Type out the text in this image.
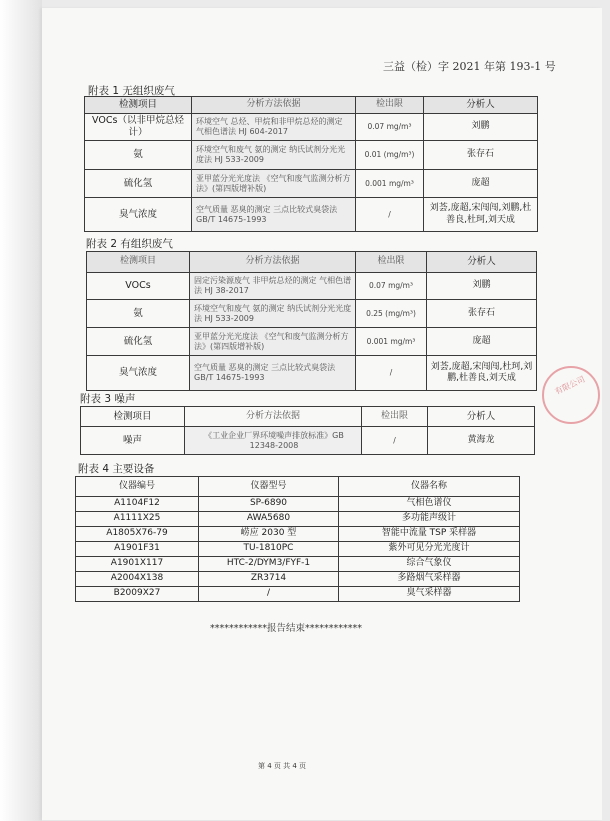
三益（检）字 2021 年第 193-1 号
附表 1 无组织废气
检测项目	分析方法依据	检出限	分析人
VOCs（以非甲烷总烃计）	环境空气 总烃、甲烷和非甲烷总烃的测定 气相色谱法 HJ 604-2017	0.07 mg/m³	刘鹏
氨	环境空气和废气 氨的测定 纳氏试剂分光光度法 HJ 533-2009	0.01 (mg/m³)	张存石
硫化氢	亚甲蓝分光光度法 《空气和废气监测分析方法》(第四版增补版)	0.001 mg/m³	庞超
臭气浓度	空气质量 恶臭的测定 三点比较式臭袋法 GB/T 14675-1993	/	刘荟,庞超,宋闯闯,刘鹏,杜善良,杜珂,刘天成
附表 2 有组织废气
检测项目	分析方法依据	检出限	分析人
VOCs	固定污染源废气 非甲烷总烃的测定 气相色谱法 HJ 38-2017	0.07 mg/m³	刘鹏
氨	环境空气和废气 氨的测定 纳氏试剂分光光度法 HJ 533-2009	0.25 (mg/m³)	张存石
硫化氢	亚甲蓝分光光度法 《空气和废气监测分析方法》(第四版增补版)	0.001 mg/m³	庞超
臭气浓度	空气质量 恶臭的测定 三点比较式臭袋法 GB/T 14675-1993	/	刘荟,庞超,宋闯闯,杜珂,刘鹏,杜善良,刘天成
附表 3 噪声
检测项目	分析方法依据	检出限	分析人
噪声	《工业企业厂界环境噪声排放标准》GB 12348-2008	/	黄海龙
附表 4 主要设备
仪器编号	仪器型号	仪器名称
A1104F12	SP-6890	气相色谱仪
A1111X25	AWA5680	多功能声级计
A1805X76-79	崂应 2030 型	智能中流量 TSP 采样器
A1901F31	TU-1810PC	紫外可见分光光度计
A1901X117	HTC-2/DYM3/FYF-1	综合气象仪
A2004X138	ZR3714	多路烟气采样器
B2009X27	/	臭气采样器
************报告结束************
第 4 页 共 4 页
有限公司
